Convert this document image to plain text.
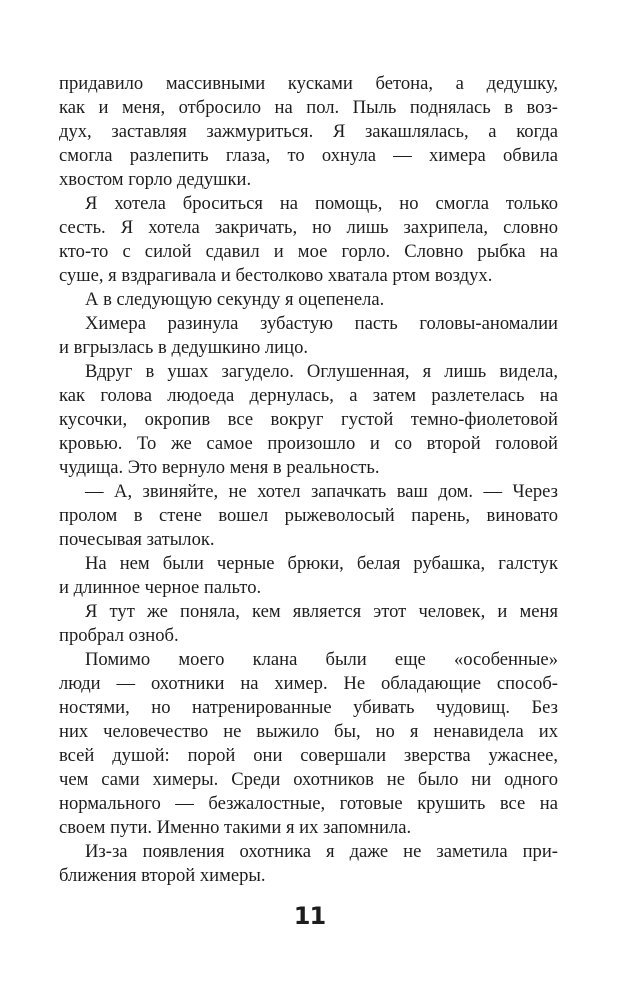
придавило массивными кусками бетона, а дедушку,
как и меня, отбросило на пол. Пыль поднялась в воз-
дух, заставляя зажмуриться. Я закашлялась, а когда
смогла разлепить глаза, то охнула — химера обвила
хвостом горло дедушки.
Я хотела броситься на помощь, но смогла только
сесть. Я хотела закричать, но лишь захрипела, словно
кто-то с силой сдавил и мое горло. Словно рыбка на
суше, я вздрагивала и бестолково хватала ртом воздух.
А в следующую секунду я оцепенела.
Химера разинула зубастую пасть головы-аномалии
и вгрызлась в дедушкино лицо.
Вдруг в ушах загудело. Оглушенная, я лишь видела,
как голова людоеда дернулась, а затем разлетелась на
кусочки, окропив все вокруг густой темно-фиолетовой
кровью. То же самое произошло и со второй головой
чудища. Это вернуло меня в реальность.
— А, звиняйте, не хотел запачкать ваш дом. — Через
пролом в стене вошел рыжеволосый парень, виновато
почесывая затылок.
На нем были черные брюки, белая рубашка, галстук
и длинное черное пальто.
Я тут же поняла, кем является этот человек, и меня
пробрал озноб.
Помимо моего клана были еще «особенные»
люди — охотники на химер. Не обладающие способ-
ностями, но натренированные убивать чудовищ. Без
них человечество не выжило бы, но я ненавидела их
всей душой: порой они совершали зверства ужаснее,
чем сами химеры. Среди охотников не было ни одного
нормального — безжалостные, готовые крушить все на
своем пути. Именно такими я их запомнила.
Из-за появления охотника я даже не заметила при-
ближения второй химеры.
11
